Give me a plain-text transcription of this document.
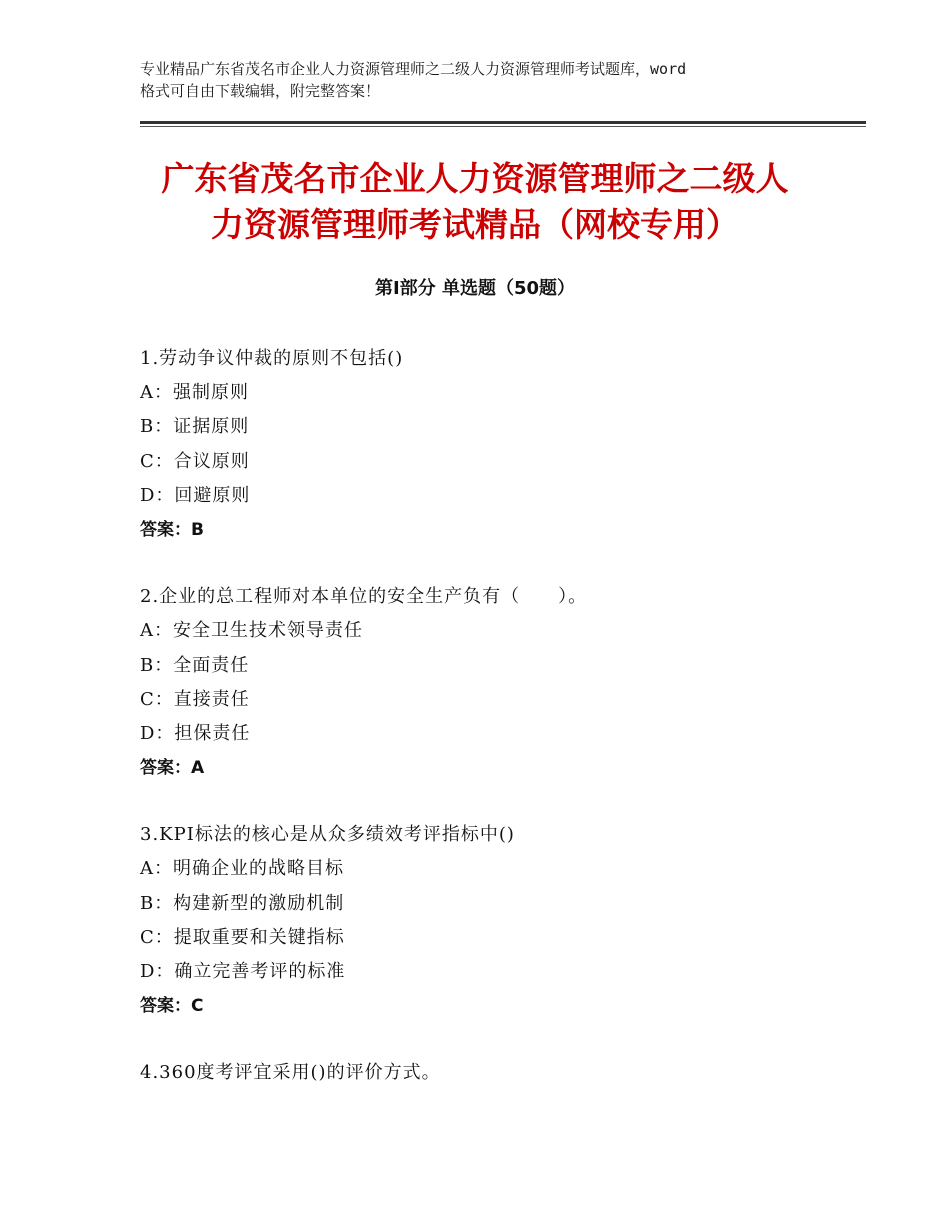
专业精品广东省茂名市企业人力资源管理师之二级人力资源管理师考试题库，word
格式可自由下载编辑，附完整答案！
广东省茂名市企业人力资源管理师之二级人
力资源管理师考试精品（网校专用）
第Ⅰ部分 单选题（50题）
1.劳动争议仲裁的原则不包括()
A：强制原则
B：证据原则
C：合议原则
D：回避原则
答案：B
2.企业的总工程师对本单位的安全生产负有（　　）。
A：安全卫生技术领导责任
B：全面责任
C：直接责任
D：担保责任
答案：A
3.KPI标法的核心是从众多绩效考评指标中()
A：明确企业的战略目标
B：构建新型的激励机制
C：提取重要和关键指标
D：确立完善考评的标准
答案：C
4.360度考评宜采用()的评价方式。
